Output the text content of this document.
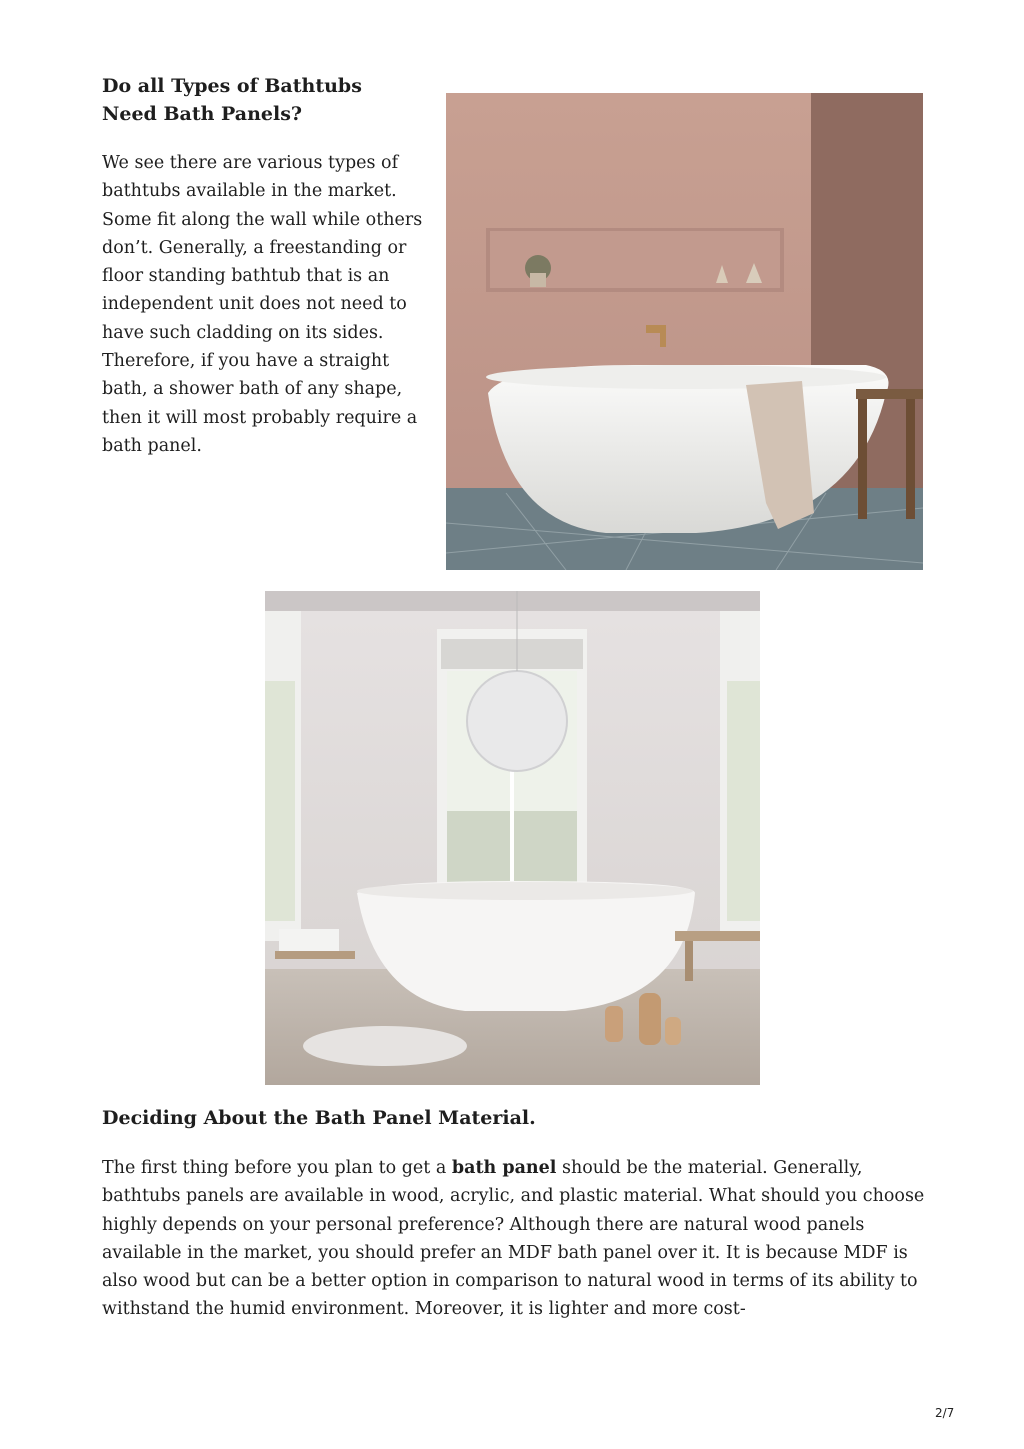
Do all Types of Bathtubs Need Bath Panels?

We see there are various types of bathtubs available in the market. Some fit along the wall while others don’t. Generally, a freestanding or floor standing bathtub that is an independent unit does not need to have such cladding on its sides. Therefore, if you have a straight bath, a shower bath of any shape, then it will most probably require a bath panel.

Deciding About the Bath Panel Material.

The first thing before you plan to get a bath panel should be the material. Generally, bathtubs panels are available in wood, acrylic, and plastic material. What should you choose highly depends on your personal preference? Although there are natural wood panels available in the market, you should prefer an MDF bath panel over it. It is because MDF is also wood but can be a better option in comparison to natural wood in terms of its ability to withstand the humid environment. Moreover, it is lighter and more cost-

2/7
